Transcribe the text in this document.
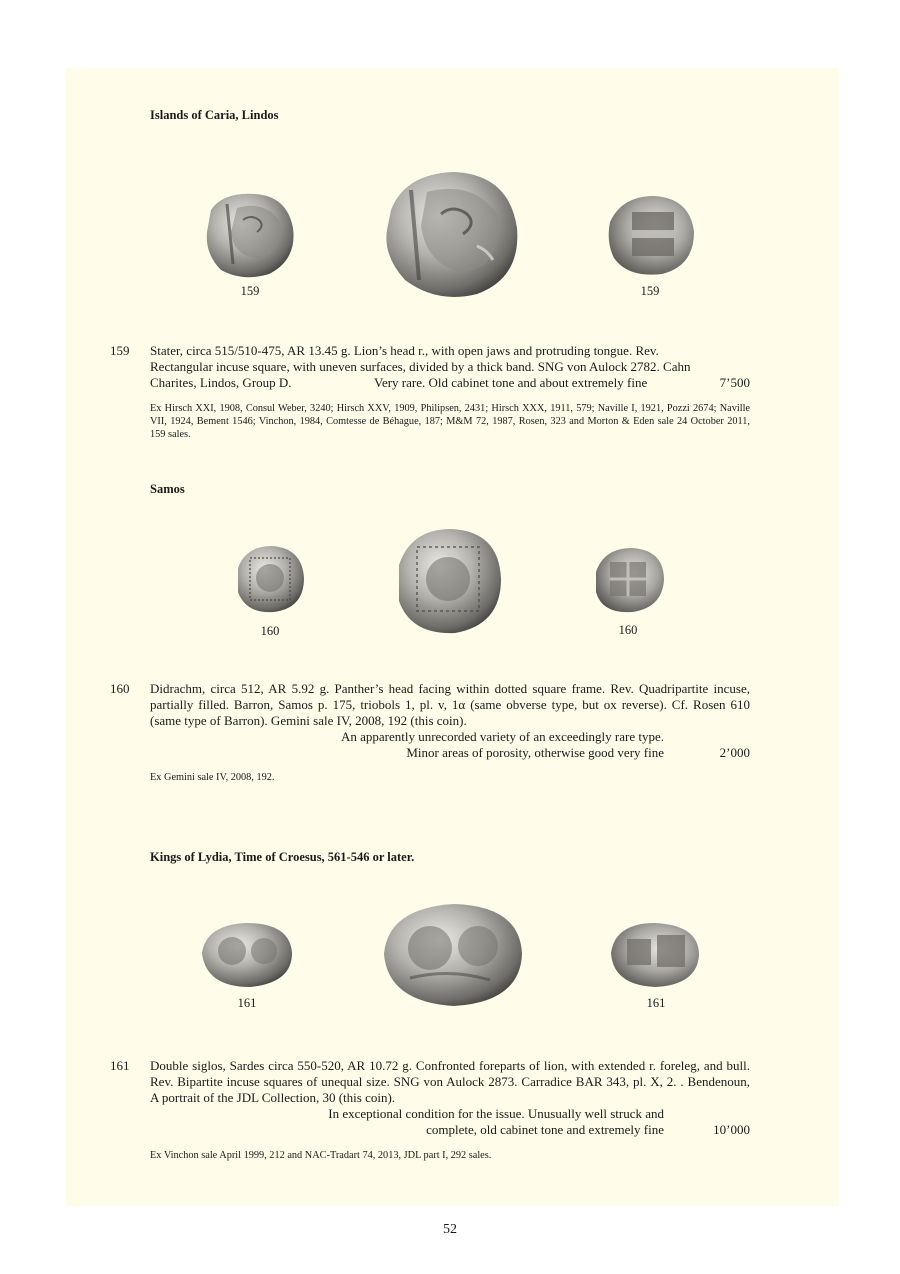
Islands of Caria, Lindos
159	159
159 Stater, circa 515/510-475, AR 13.45 g. Lion’s head r., with open jaws and protruding tongue. Rev.

Rectangular incuse square, with uneven surfaces, divided by a thick band. SNG von Aulock 2782. Cahn

Charites, Lindos, Group D.	Very rare. Old cabinet tone and about extremely fine	7’500
Ex Hirsch XXI, 1908, Consul Weber, 3240; Hirsch XXV, 1909, Philipsen, 2431; Hirsch XXX, 1911, 579; Naville I, 1921, Pozzi 2674; Naville VII, 1924, Bement 1546; Vinchon, 1984, Comtesse de Béhague, 187; M&M 72, 1987, Rosen, 323 and Morton & Eden sale 24 October 2011, 159 sales.
Samos
160	160
160 Didrachm, circa 512, AR 5.92 g. Panther’s head facing within dotted square frame. Rev. Quadripartite incuse, partially filled. Barron, Samos p. 175, triobols 1, pl. v, 1α (same obverse type, but ox reverse). Cf. Rosen 610 (same type of Barron). Gemini sale IV, 2008, 192 (this coin).

An apparently unrecorded variety of an exceedingly rare type.
Minor areas of porosity, otherwise good very fine	2’000
Ex Gemini sale IV, 2008, 192.
Kings of Lydia, Time of Croesus, 561-546 or later.
161	161
161 Double siglos, Sardes circa 550-520, AR 10.72 g. Confronted foreparts of lion, with extended r. foreleg, and bull. Rev. Bipartite incuse squares of unequal size. SNG von Aulock 2873. Carradice BAR 343, pl. X, 2. . Bendenoun, A portrait of the JDL Collection, 30 (this coin).

In exceptional condition for the issue. Unusually well struck and
complete, old cabinet tone and extremely fine	10’000
Ex Vinchon sale April 1999, 212 and NAC-Tradart 74, 2013, JDL part I, 292 sales.
52
